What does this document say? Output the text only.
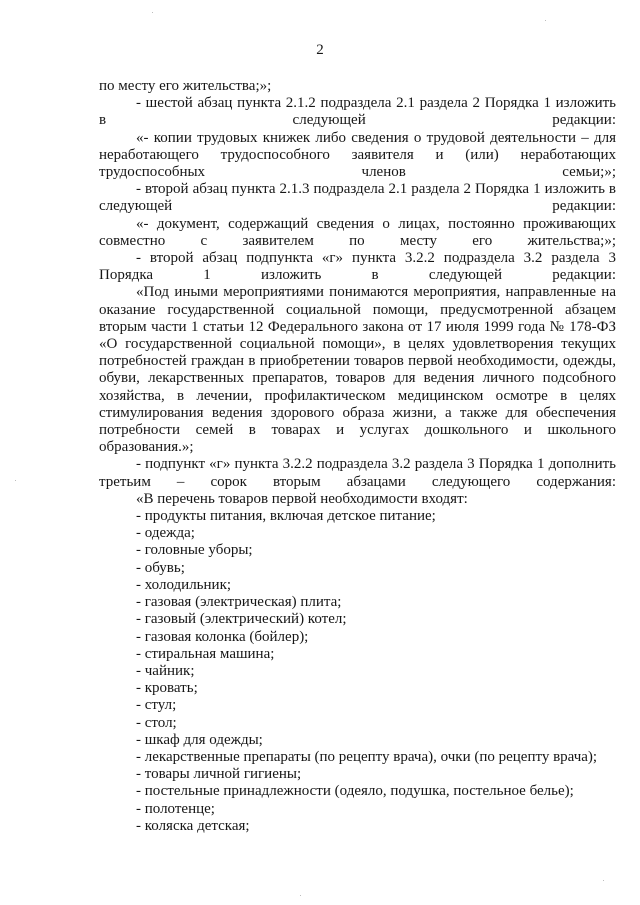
2

по месту его жительства;»;

- шестой абзац пункта 2.1.2 подраздела 2.1 раздела 2 Порядка 1 изложить в следующей редакции:

«- копии трудовых книжек либо сведения о трудовой деятельности – для неработающего трудоспособного заявителя и (или) неработающих трудоспособных членов семьи;»;

- второй абзац пункта 2.1.3 подраздела 2.1 раздела 2 Порядка 1 изложить в следующей редакции:

«- документ, содержащий сведения о лицах, постоянно проживающих совместно с заявителем по месту его жительства;»;

- второй абзац подпункта «г» пункта 3.2.2 подраздела 3.2 раздела 3 Порядка 1 изложить в следующей редакции:

«Под иными мероприятиями понимаются мероприятия, направленные на оказание государственной социальной помощи, предусмотренной абзацем вторым части 1 статьи 12 Федерального закона от 17 июля 1999 года № 178-ФЗ «О государственной социальной помощи», в целях удовлетворения текущих потребностей граждан в приобретении товаров первой необходимости, одежды, обуви, лекарственных препаратов, товаров для ведения личного подсобного хозяйства, в лечении, профилактическом медицинском осмотре в целях стимулирования ведения здорового образа жизни, а также для обеспечения потребности семей в товарах и услугах дошкольного и школьного образования.»;

- подпункт «г» пункта 3.2.2 подраздела 3.2 раздела 3 Порядка 1 дополнить третьим – сорок вторым абзацами следующего содержания:

«В перечень товаров первой необходимости входят:

- продукты питания, включая детское питание;
- одежда;
- головные уборы;
- обувь;
- холодильник;
- газовая (электрическая) плита;
- газовый (электрический) котел;
- газовая колонка (бойлер);
- стиральная машина;
- чайник;
- кровать;
- стул;
- стол;
- шкаф для одежды;
- лекарственные препараты (по рецепту врача), очки (по рецепту врача);
- товары личной гигиены;
- постельные принадлежности (одеяло, подушка, постельное белье);
- полотенце;
- коляска детская;
